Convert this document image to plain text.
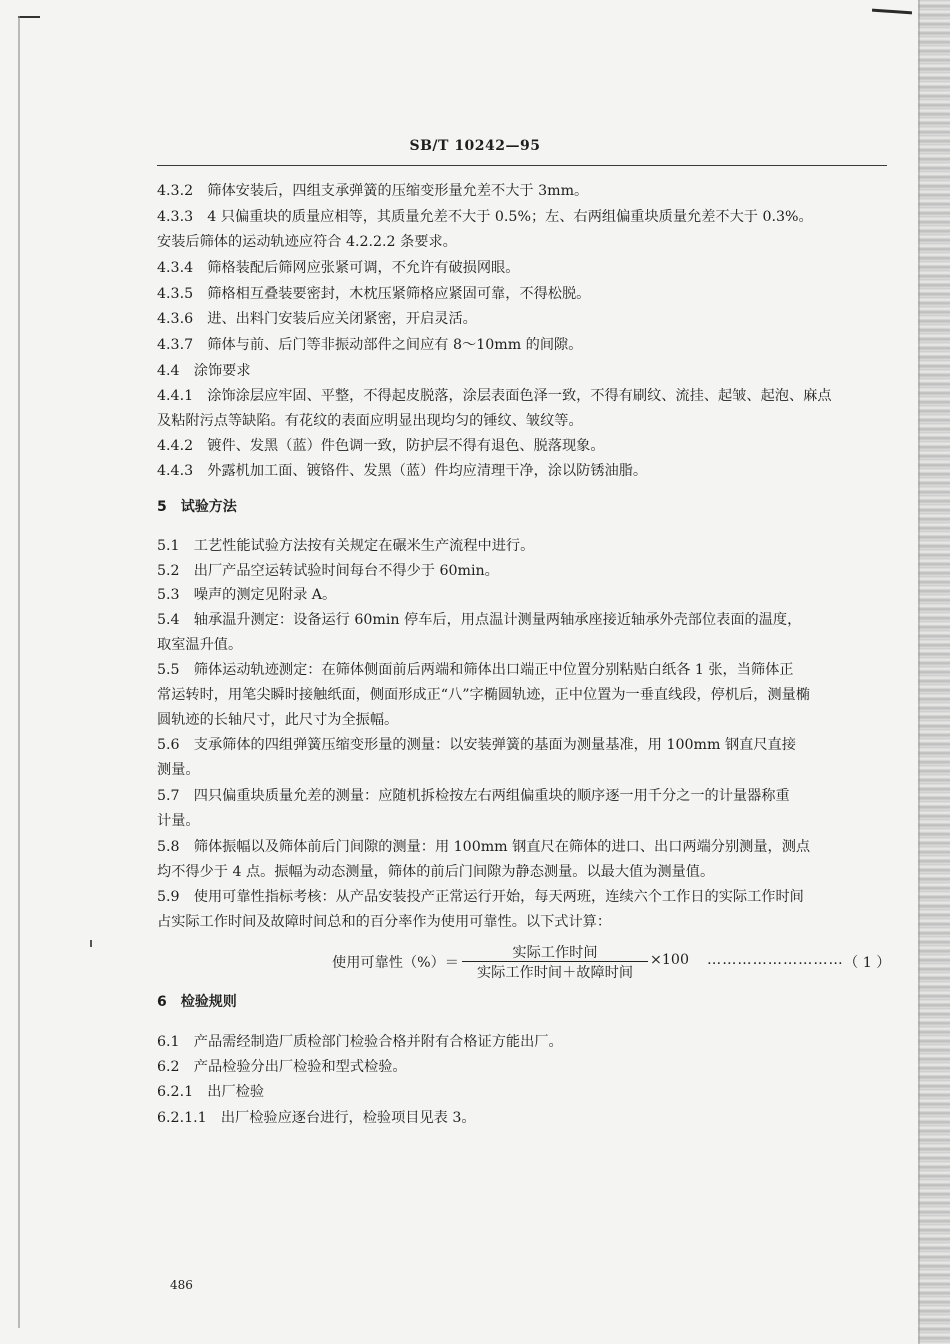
SB/T 10242—95
4.3.2　筛体安装后，四组支承弹簧的压缩变形量允差不大于 3mm。
4.3.3　4 只偏重块的质量应相等，其质量允差不大于 0.5%；左、右两组偏重块质量允差不大于 0.3%。
安装后筛体的运动轨迹应符合 4.2.2.2 条要求。
4.3.4　筛格装配后筛网应张紧可调，不允许有破损网眼。
4.3.5　筛格相互叠装要密封，木枕压紧筛格应紧固可靠，不得松脱。
4.3.6　进、出料门安装后应关闭紧密，开启灵活。
4.3.7　筛体与前、后门等非振动部件之间应有 8～10mm 的间隙。
4.4　涂饰要求
4.4.1　涂饰涂层应牢固、平整，不得起皮脱落，涂层表面色泽一致，不得有刷纹、流挂、起皱、起泡、麻点
及粘附污点等缺陷。有花纹的表面应明显出现均匀的锤纹、皱纹等。
4.4.2　镀件、发黑（蓝）件色调一致，防护层不得有退色、脱落现象。
4.4.3　外露机加工面、镀铬件、发黑（蓝）件均应清理干净，涂以防锈油脂。
5　试验方法
5.1　工艺性能试验方法按有关规定在碾米生产流程中进行。
5.2　出厂产品空运转试验时间每台不得少于 60min。
5.3　噪声的测定见附录 A。
5.4　轴承温升测定：设备运行 60min 停车后，用点温计测量两轴承座接近轴承外壳部位表面的温度，
取室温升值。
5.5　筛体运动轨迹测定：在筛体侧面前后两端和筛体出口端正中位置分别粘贴白纸各 1 张，当筛体正
常运转时，用笔尖瞬时接触纸面，侧面形成正“八”字椭圆轨迹，正中位置为一垂直线段，停机后，测量椭
圆轨迹的长轴尺寸，此尺寸为全振幅。
5.6　支承筛体的四组弹簧压缩变形量的测量：以安装弹簧的基面为测量基准，用 100mm 钢直尺直接
测量。
5.7　四只偏重块质量允差的测量：应随机拆检按左右两组偏重块的顺序逐一用千分之一的计量器称重
计量。
5.8　筛体振幅以及筛体前后门间隙的测量：用 100mm 钢直尺在筛体的进口、出口两端分别测量，测点
均不得少于 4 点。振幅为动态测量，筛体的前后门间隙为静态测量。以最大值为测量值。
5.9　使用可靠性指标考核：从产品安装投产正常运行开始，每天两班，连续六个工作日的实际工作时间
占实际工作时间及故障时间总和的百分率作为使用可靠性。以下式计算：
使用可靠性（%）＝
实际工作时间
实际工作时间＋故障时间
×100 ……………………… （ 1 ）
6　检验规则
6.1　产品需经制造厂质检部门检验合格并附有合格证方能出厂。
6.2　产品检验分出厂检验和型式检验。
6.2.1　出厂检验
6.2.1.1　出厂检验应逐台进行，检验项目见表 3。
486
